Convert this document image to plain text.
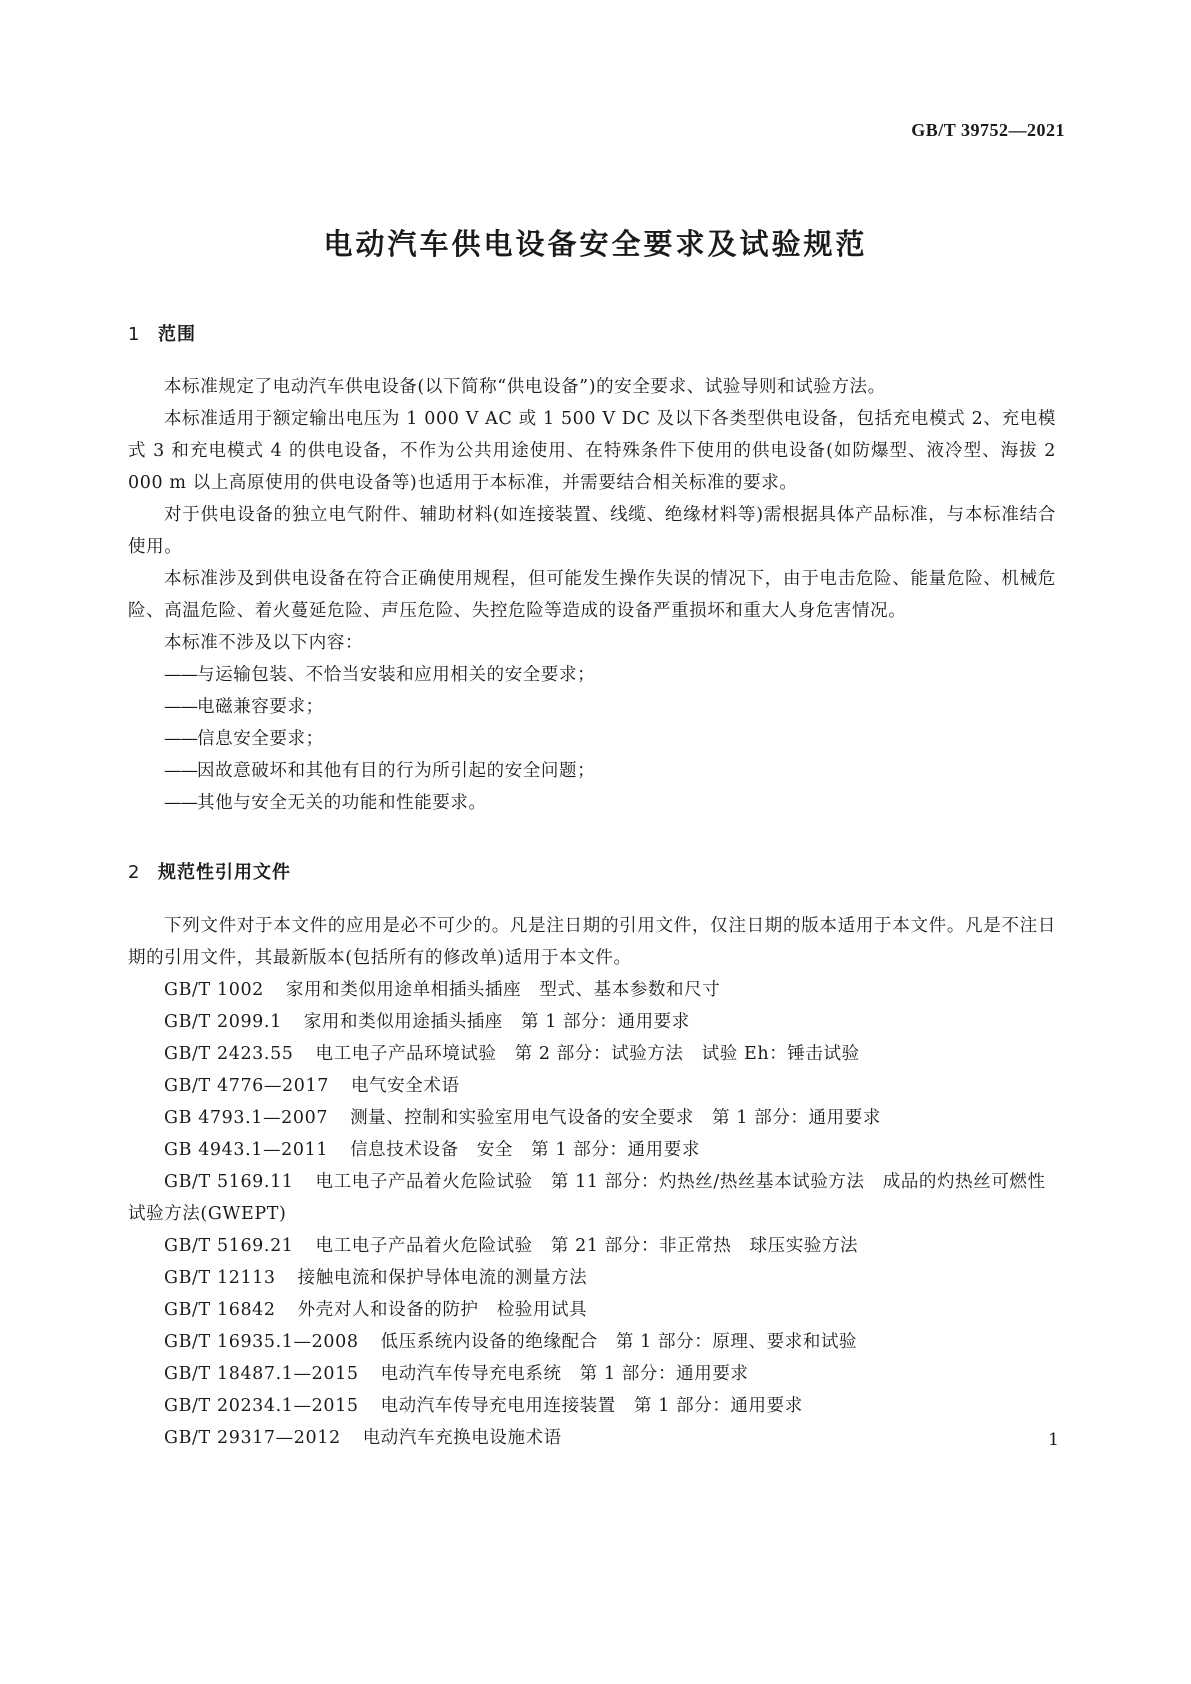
GB/T 39752—2021
电动汽车供电设备安全要求及试验规范
1 范围

本标准规定了电动汽车供电设备(以下简称“供电设备”)的安全要求、试验导则和试验方法。

本标准适用于额定输出电压为 1 000 V AC 或 1 500 V DC 及以下各类型供电设备，包括充电模式 2、充电模式 3 和充电模式 4 的供电设备，不作为公共用途使用、在特殊条件下使用的供电设备(如防爆型、液冷型、海拔 2 000 m 以上高原使用的供电设备等)也适用于本标准，并需要结合相关标准的要求。

对于供电设备的独立电气附件、辅助材料(如连接装置、线缆、绝缘材料等)需根据具体产品标准，与本标准结合使用。

本标准涉及到供电设备在符合正确使用规程，但可能发生操作失误的情况下，由于电击危险、能量危险、机械危险、高温危险、着火蔓延危险、声压危险、失控危险等造成的设备严重损坏和重大人身危害情况。

本标准不涉及以下内容：

——与运输包装、不恰当安装和应用相关的安全要求；

——电磁兼容要求；

——信息安全要求；

——因故意破坏和其他有目的行为所引起的安全问题；

——其他与安全无关的功能和性能要求。

2 规范性引用文件

下列文件对于本文件的应用是必不可少的。凡是注日期的引用文件，仅注日期的版本适用于本文件。凡是不注日期的引用文件，其最新版本(包括所有的修改单)适用于本文件。

GB/T 1002 家用和类似用途单相插头插座　型式、基本参数和尺寸

GB/T 2099.1 家用和类似用途插头插座　第 1 部分：通用要求

GB/T 2423.55 电工电子产品环境试验　第 2 部分：试验方法　试验 Eh：锤击试验

GB/T 4776—2017 电气安全术语

GB 4793.1—2007 测量、控制和实验室用电气设备的安全要求　第 1 部分：通用要求

GB 4943.1—2011 信息技术设备　安全　第 1 部分：通用要求

GB/T 5169.11 电工电子产品着火危险试验　第 11 部分：灼热丝/热丝基本试验方法　成品的灼热丝可燃性试验方法(GWEPT)

GB/T 5169.21 电工电子产品着火危险试验　第 21 部分：非正常热　球压实验方法

GB/T 12113 接触电流和保护导体电流的测量方法

GB/T 16842 外壳对人和设备的防护　检验用试具

GB/T 16935.1—2008 低压系统内设备的绝缘配合　第 1 部分：原理、要求和试验

GB/T 18487.1—2015 电动汽车传导充电系统　第 1 部分：通用要求

GB/T 20234.1—2015 电动汽车传导充电用连接装置　第 1 部分：通用要求

GB/T 29317—2012 电动汽车充换电设施术语	1
